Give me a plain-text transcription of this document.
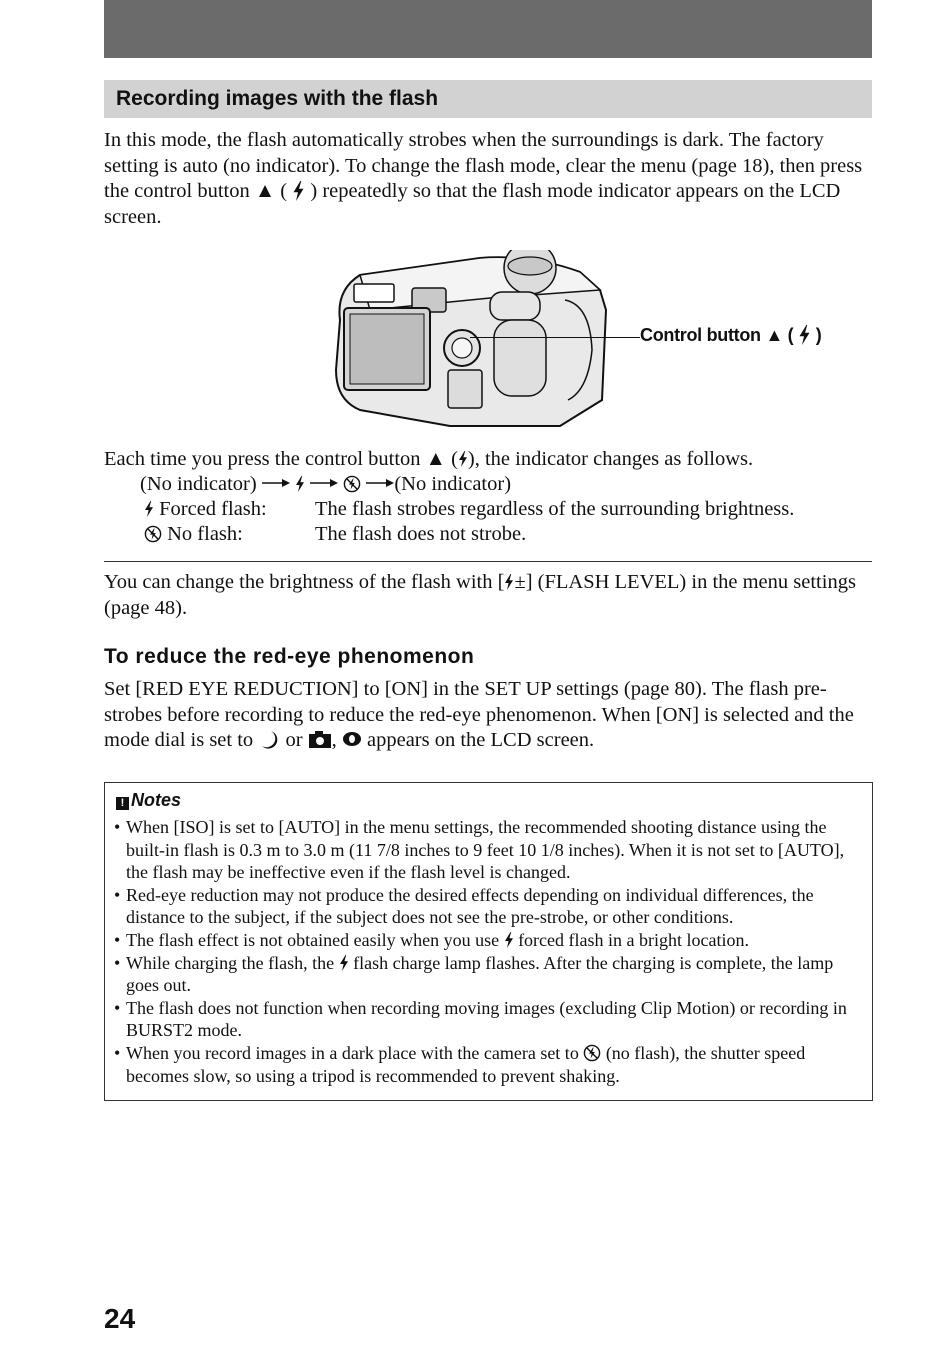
Recording images with the flash

In this mode, the flash automatically strobes when the surroundings is dark. The factory setting is auto (no indicator). To change the flash mode, clear the menu (page 18), then press the control button ▲ ( ) repeatedly so that the flash mode indicator appears on the LCD screen.

Control button ▲ ( )
Each time you press the control button ▲ ( ), the indicator changes as follows.
(No indicator)	(No indicator)
Forced flash: The flash strobes regardless of the surrounding brightness.
No flash:	The flash does not strobe.

You can change the brightness of the flash with [ ±] (FLASH LEVEL) in the menu settings (page 48).

To reduce the red-eye phenomenon

Set [RED EYE REDUCTION] to [ON] in the SET UP settings (page 80). The flash pre-strobes before recording to reduce the red-eye phenomenon. When [ON] is selected and the mode dial is set to or , appears on the LCD screen.

! Notes
• When [ISO] is set to [AUTO] in the menu settings, the recommended shooting distance using the built-in flash is 0.3 m to 3.0 m (11 7/8 inches to 9 feet 10 1/8 inches). When it is not set to [AUTO], the flash may be ineffective even if the flash level is changed.
• Red-eye reduction may not produce the desired effects depending on individual differences, the distance to the subject, if the subject does not see the pre-strobe, or other conditions.
• The flash effect is not obtained easily when you use forced flash in a bright location.
• While charging the flash, the flash charge lamp flashes. After the charging is complete, the lamp goes out.
• The flash does not function when recording moving images (excluding Clip Motion) or recording in BURST2 mode.
• When you record images in a dark place with the camera set to (no flash), the shutter speed becomes slow, so using a tripod is recommended to prevent shaking.
24
